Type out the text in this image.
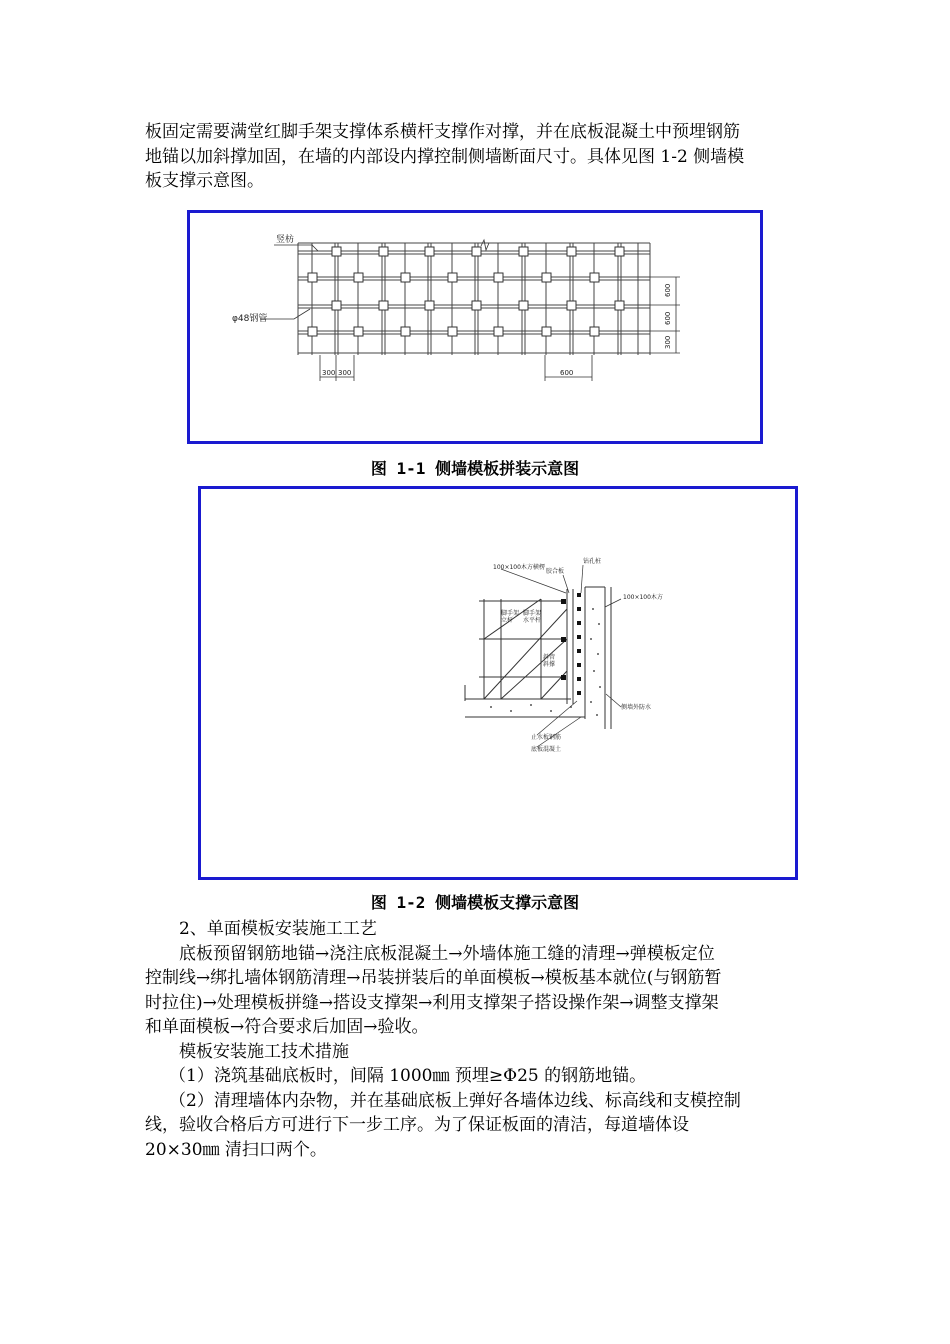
板固定需要满堂红脚手架支撑体系横杆支撑作对撑，并在底板混凝土中预埋钢筋
地锚以加斜撑加固，在墙的内部设内撑控制侧墙断面尺寸。具体见图 1-2 侧墙模
板支撑示意图。
竖枋
φ48钢管
300 300	600
600
600
300
图 1-1 侧墙模板拼装示意图
100×100木方横楞
胶合板
钻孔桩
100×100木方
脚手架立杆
脚手架水平杆
斜管斜撑
侧墙外防水
止水板钢筋
底板混凝土
图 1-2 侧墙模板支撑示意图
2、单面模板安装施工工艺
底板预留钢筋地锚→浇注底板混凝土→外墙体施工缝的清理→弹模板定位
控制线→绑扎墙体钢筋清理→吊装拼装后的单面模板→模板基本就位(与钢筋暂
时拉住)→处理模板拼缝→搭设支撑架→利用支撑架子搭设操作架→调整支撑架
和单面模板→符合要求后加固→验收。
模板安装施工技术措施
（1）浇筑基础底板时，间隔 1000㎜ 预埋≥Φ25 的钢筋地锚。
（2）清理墙体内杂物，并在基础底板上弹好各墙体边线、标高线和支模控制
线，验收合格后方可进行下一步工序。为了保证板面的清洁，每道墙体设
20×30㎜ 清扫口两个。
